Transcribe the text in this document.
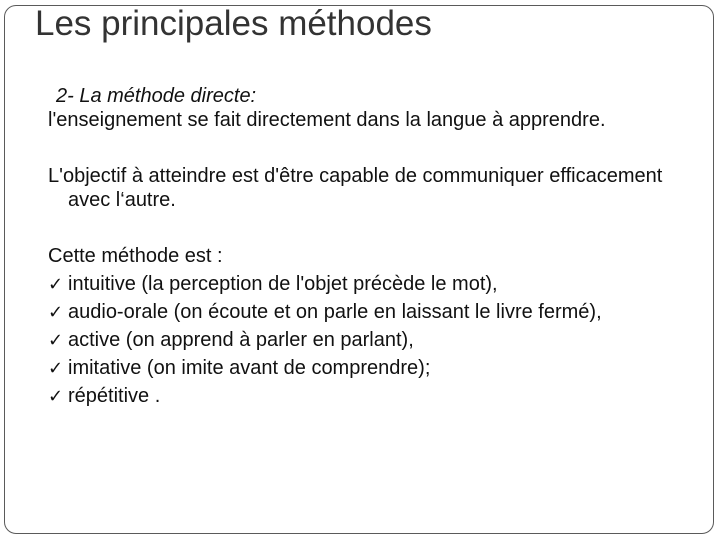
Les principales méthodes
2- La méthode directe:

l'enseignement se fait directement dans la langue à apprendre.

L'objectif à atteindre est d'être capable de communiquer efficacement avec l‘autre.

Cette méthode est :
✓ intuitive (la perception de l'objet précède le mot),
✓ audio-orale (on écoute et on parle en laissant le livre fermé),
✓ active (on apprend à parler en parlant),
✓ imitative (on imite avant de comprendre);
✓ répétitive .
